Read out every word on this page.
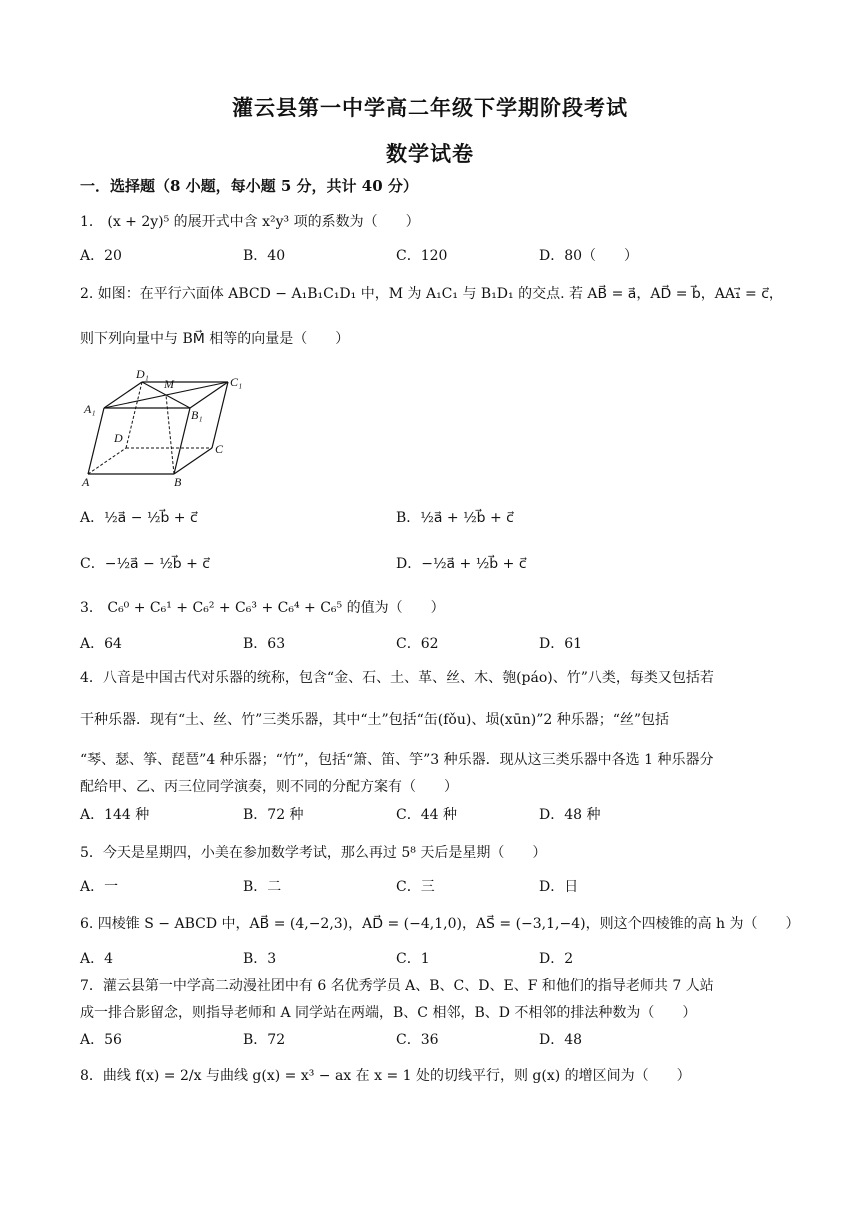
灌云县第一中学高二年级下学期阶段考试
数学试卷
一．选择题（8 小题，每小题 5 分，共计 40 分）
1． (x + 2y)⁵ 的展开式中含 x²y³ 项的系数为（　　）
A．20	B．40	C．120	D．80（　　）
2. 如图：在平行六面体 ABCD − A₁B₁C₁D₁ 中，M 为 A₁C₁ 与 B₁D₁ 的交点. 若 AB⃗ = a⃗，AD⃗ = b⃗，AA₁⃗ = c⃗，
则下列向量中与 BM⃗ 相等的向量是（　　）
D₁
M	C₁
A₁	B₁
D
C
A	B
A．½a⃗ − ½b⃗ + c⃗	B．½a⃗ + ½b⃗ + c⃗
C．−½a⃗ − ½b⃗ + c⃗	D．−½a⃗ + ½b⃗ + c⃗
3． C₆⁰ + C₆¹ + C₆² + C₆³ + C₆⁴ + C₆⁵ 的值为（　　）
A．64	B．63	C．62	D．61
4．八音是中国古代对乐器的统称，包含“金、石、土、革、丝、木、匏(páo)、竹”八类，每类又包括若
干种乐器．现有“土、丝、竹”三类乐器，其中“土”包括“缶(fǒu)、埙(xūn)”2 种乐器；“丝”包括
“琴、瑟、筝、琵琶”4 种乐器；“竹”，包括“箫、笛、竽”3 种乐器．现从这三类乐器中各选 1 种乐器分
配给甲、乙、丙三位同学演奏，则不同的分配方案有（　　）
A．144 种	B．72 种	C．44 种	D．48 种
5．今天是星期四，小美在参加数学考试，那么再过 5⁸ 天后是星期（　　）
A．一	B．二	C．三	D．日
6. 四棱锥 S − ABCD 中，AB⃗ = (4,−2,3)，AD⃗ = (−4,1,0)，AS⃗ = (−3,1,−4)，则这个四棱锥的高 h 为（　　）
A．4	B．3	C．1	D．2
7．灌云县第一中学高二动漫社团中有 6 名优秀学员 A、B、C、D、E、F 和他们的指导老师共 7 人站
成一排合影留念，则指导老师和 A 同学站在两端，B、C 相邻，B、D 不相邻的排法种数为（　　）
A．56	B．72	C．36	D．48
8．曲线 f(x) = 2/x 与曲线 g(x) = x³ − ax 在 x = 1 处的切线平行，则 g(x) 的增区间为（　　）
